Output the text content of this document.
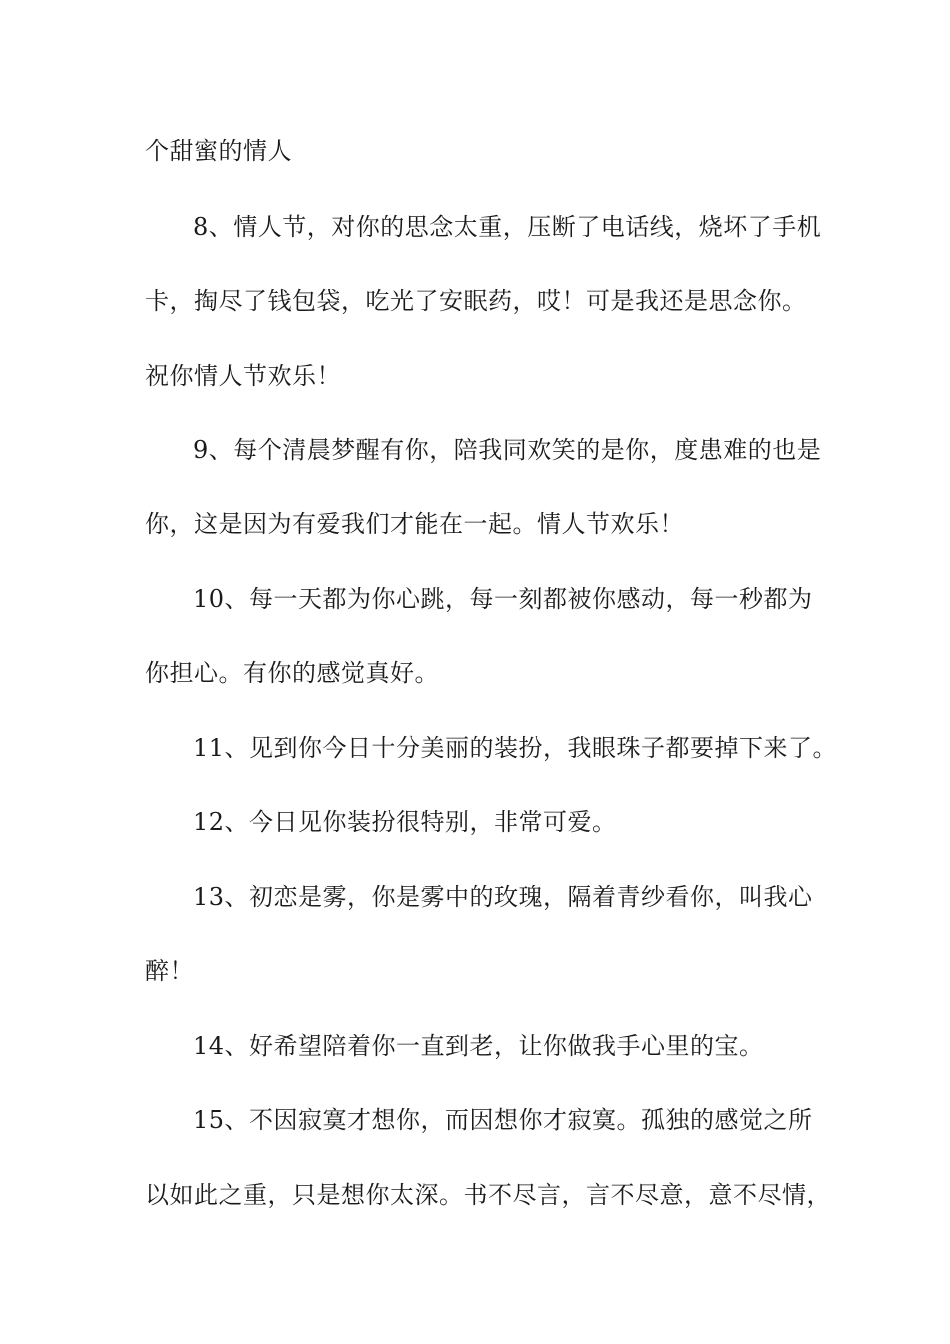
个甜蜜的情人

8、情人节，对你的思念太重，压断了电话线，烧坏了手机

卡，掏尽了钱包袋，吃光了安眠药，哎！可是我还是思念你。

祝你情人节欢乐！

9、每个清晨梦醒有你，陪我同欢笑的是你，度患难的也是

你，这是因为有爱我们才能在一起。情人节欢乐！

10、每一天都为你心跳，每一刻都被你感动，每一秒都为

你担心。有你的感觉真好。

11、见到你今日十分美丽的装扮，我眼珠子都要掉下来了。

12、今日见你装扮很特别，非常可爱。

13、初恋是雾，你是雾中的玫瑰，隔着青纱看你，叫我心

醉！

14、好希望陪着你一直到老，让你做我手心里的宝。

15、不因寂寞才想你，而因想你才寂寞。孤独的感觉之所

以如此之重，只是想你太深。书不尽言，言不尽意，意不尽情，
